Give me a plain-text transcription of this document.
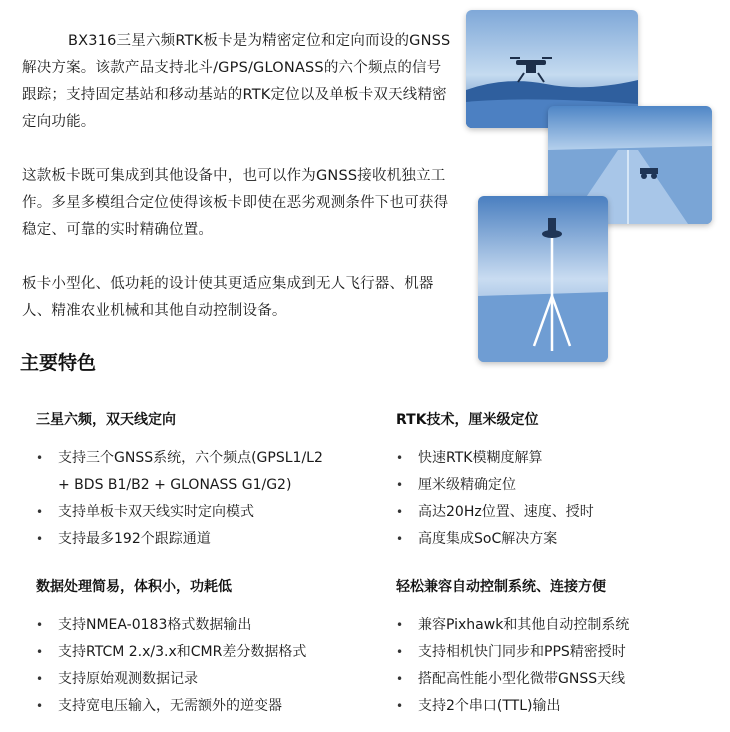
BX316三星六频RTK板卡是为精密定位和定向而设的GNSS解决方案。该款产品支持北斗/GPS/GLONASS的六个频点的信号跟踪；支持固定基站和移动基站的RTK定位以及单板卡双天线精密定向功能。

这款板卡既可集成到其他设备中，也可以作为GNSS接收机独立工作。多星多模组合定位使得该板卡即使在恶劣观测条件下也可获得稳定、可靠的实时精确位置。

板卡小型化、低功耗的设计使其更适应集成到无人飞行器、机器人、精准农业机械和其他自动控制设备。

主要特色
三星六频，双天线定向
• 支持三个GNSS系统，六个频点(GPSL1/L2
+ BDS B1/B2 + GLONASS G1/G2)
• 支持单板卡双天线实时定向模式
• 支持最多192个跟踪通道
RTK技术，厘米级定位
• 快速RTK模糊度解算
• 厘米级精确定位
• 高达20Hz位置、速度、授时
• 高度集成SoC解决方案
数据处理简易，体积小，功耗低
• 支持NMEA-0183格式数据输出
• 支持RTCM 2.x/3.x和CMR差分数据格式
• 支持原始观测数据记录
• 支持宽电压输入，无需额外的逆变器
轻松兼容自动控制系统、连接方便
• 兼容Pixhawk和其他自动控制系统
• 支持相机快门同步和PPS精密授时
• 搭配高性能小型化微带GNSS天线
• 支持2个串口(TTL)输出
